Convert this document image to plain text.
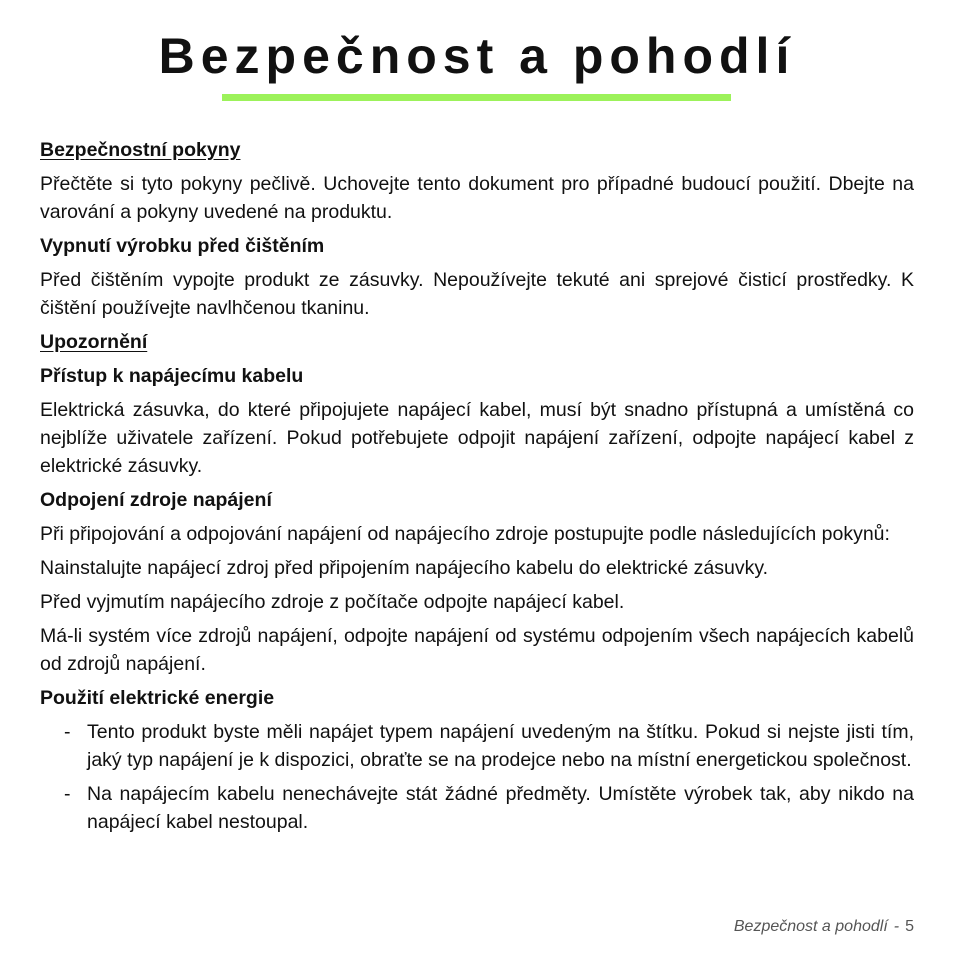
Bezpečnost a pohodlí
Bezpečnostní pokyny
Přečtěte si tyto pokyny pečlivě. Uchovejte tento dokument pro případné budoucí použití. Dbejte na varování a pokyny uvedené na produktu.
Vypnutí výrobku před čištěním
Před čištěním vypojte produkt ze zásuvky. Nepoužívejte tekuté ani sprejové čisticí prostředky. K čištění používejte navlhčenou tkaninu.
Upozornění
Přístup k napájecímu kabelu
Elektrická zásuvka, do které připojujete napájecí kabel, musí být snadno přístupná a umístěná co nejblíže uživatele zařízení. Pokud potřebujete odpojit napájení zařízení, odpojte napájecí kabel z elektrické zásuvky.
Odpojení zdroje napájení
Při připojování a odpojování napájení od napájecího zdroje postupujte podle následujících pokynů:
Nainstalujte napájecí zdroj před připojením napájecího kabelu do elektrické zásuvky.
Před vyjmutím napájecího zdroje z počítače odpojte napájecí kabel.
Má-li systém více zdrojů napájení, odpojte napájení od systému odpojením všech napájecích kabelů od zdrojů napájení.
Použití elektrické energie
- Tento produkt byste měli napájet typem napájení uvedeným na štítku. Pokud si nejste jisti tím, jaký typ napájení je k dispozici, obraťte se na prodejce nebo na místní energetickou společnost.
- Na napájecím kabelu nenechávejte stát žádné předměty. Umístěte výrobek tak, aby nikdo na napájecí kabel nestoupal.
Bezpečnost a pohodlí - 5
